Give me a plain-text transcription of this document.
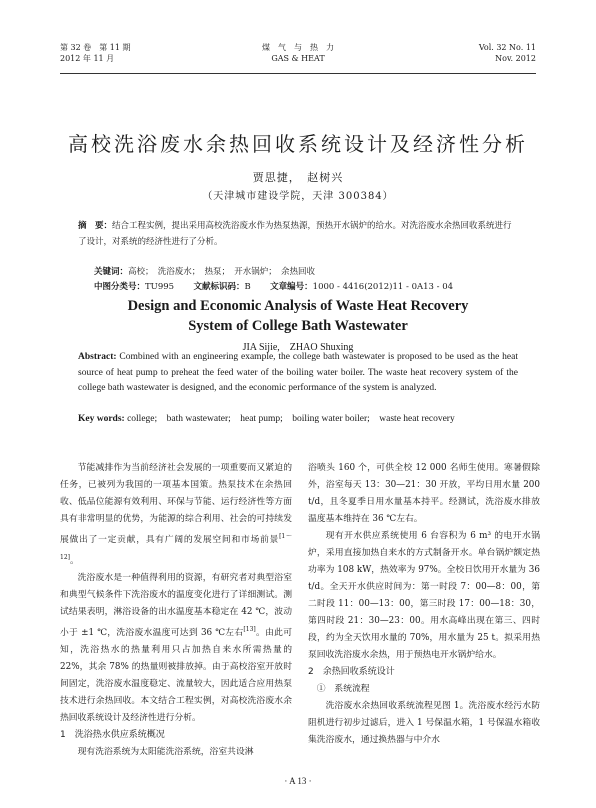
第 32 卷　第 11 期
2012 年 11 月
煤　气　与　热　力
GAS & HEAT
Vol. 32 No. 11
Nov. 2012
高校洗浴废水余热回收系统设计及经济性分析
贾思捷，　赵树兴
（天津城市建设学院，天津 300384）
摘　要：结合工程实例，提出采用高校洗浴废水作为热泵热源，预热开水锅炉的给水。对洗浴废水余热回收系统进行了设计，对系统的经济性进行了分析。
关键词：高校；　洗浴废水；　热泵；　开水锅炉；　余热回收
中图分类号：TU995 文献标识码：B 文章编号：1000 - 4416(2012)11 - 0A13 - 04
Design and Economic Analysis of Waste Heat Recovery
System of College Bath Wastewater
JIA Sijie,　ZHAO Shuxing
Abstract: Combined with an engineering example, the college bath wastewater is proposed to be used as the heat source of heat pump to preheat the feed water of the boiling water boiler. The waste heat recovery system of the college bath wastewater is designed, and the economic performance of the system is analyzed.
Key words: college;　bath wastewater;　heat pump;　boiling water boiler;　waste heat recovery

节能减排作为当前经济社会发展的一项重要而又紧迫的任务，已被列为我国的一项基本国策。热泵技术在余热回收、低品位能源有效利用、环保与节能、运行经济性等方面具有非常明显的优势，为能源的综合利用、社会的可持续发展做出了一定贡献，具有广阔的发展空间和市场前景[1～12]。

洗浴废水是一种值得利用的资源，有研究者对典型浴室和典型气候条件下洗浴废水的温度变化进行了详细测试。测试结果表明，淋浴设备的出水温度基本稳定在 42 ℃，波动小于 ±1 ℃，洗浴废水温度可达到 36 ℃左右[13]。由此可知，洗浴热水的热量利用只占加热自来水所需热量的 22%，其余 78% 的热量则被排放掉。由于高校浴室开放时间固定，洗浴废水温度稳定、流量较大，因此适合应用热泵技术进行余热回收。本文结合工程实例，对高校洗浴废水余热回收系统设计及经济性进行分析。

1　洗浴热水供应系统概况

现有洗浴系统为太阳能洗浴系统，浴室共设淋

浴喷头 160 个，可供全校 12 000 名师生使用。寒暑假除外，浴室每天 13：30—21：30 开放，平均日用水量 200 t/d，且冬夏季日用水量基本持平。经测试，洗浴废水排放温度基本维持在 36 ℃左右。

现有开水供应系统使用 6 台容积为 6 m³ 的电开水锅炉，采用直接加热自来水的方式制备开水。单台锅炉额定热功率为 108 kW，热效率为 97%。全校日饮用开水量为 36 t/d。全天开水供应时间为：第一时段 7：00—8：00，第二时段 11：00—13：00，第三时段 17：00—18：30，第四时段 21：30—23：00。用水高峰出现在第三、四时段，约为全天饮用水量的 70%，用水量为 25 t。拟采用热泵回收洗浴废水余热，用于预热电开水锅炉给水。

2　余热回收系统设计
①　系统流程

洗浴废水余热回收系统流程见图 1。洗浴废水经污水防阻机进行初步过滤后，进入 1 号保温水箱，1 号保温水箱收集洗浴废水，通过换热器与中介水

· A 13 ·
